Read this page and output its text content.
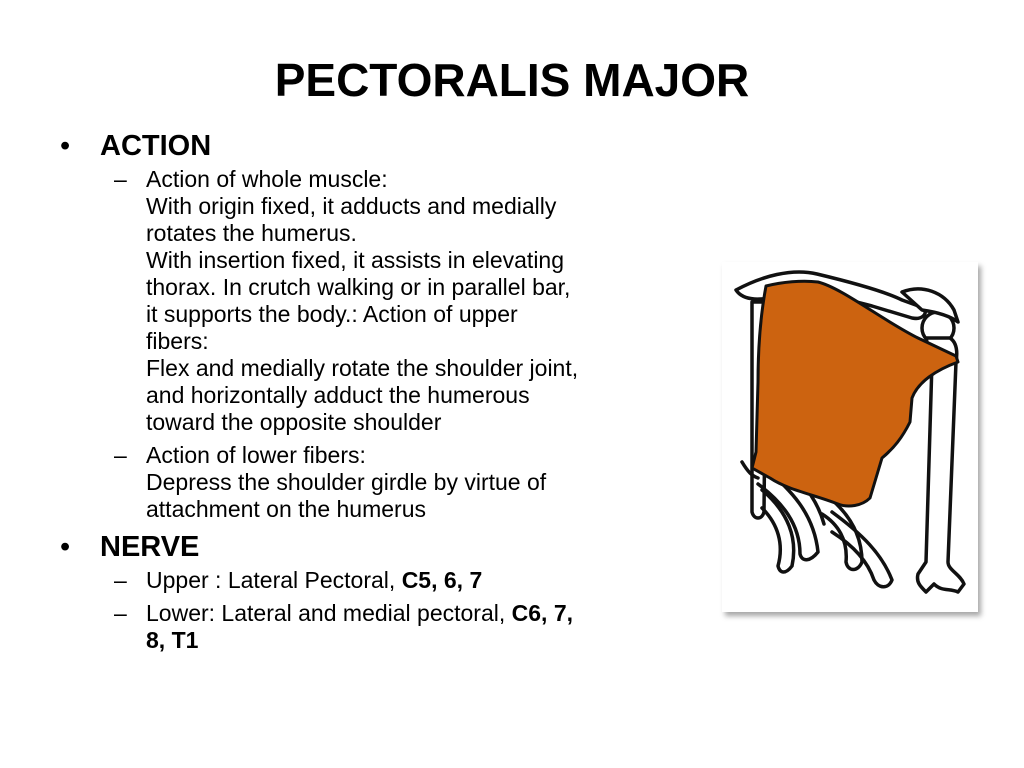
PECTORALIS MAJOR
• ACTION
– Action of whole muscle:
With origin fixed, it adducts and medially
rotates the humerus.
With insertion fixed, it assists in elevating
thorax. In crutch walking or in parallel bar,
it supports the body.: Action of upper
fibers:
Flex and medially rotate the shoulder joint,
and horizontally adduct the humerous
toward the opposite shoulder
– Action of lower fibers:
Depress the shoulder girdle by virtue of
attachment on the humerus
• NERVE
– Upper : Lateral Pectoral, C5, 6, 7
– Lower: Lateral and medial pectoral, C6, 7,
8, T1
